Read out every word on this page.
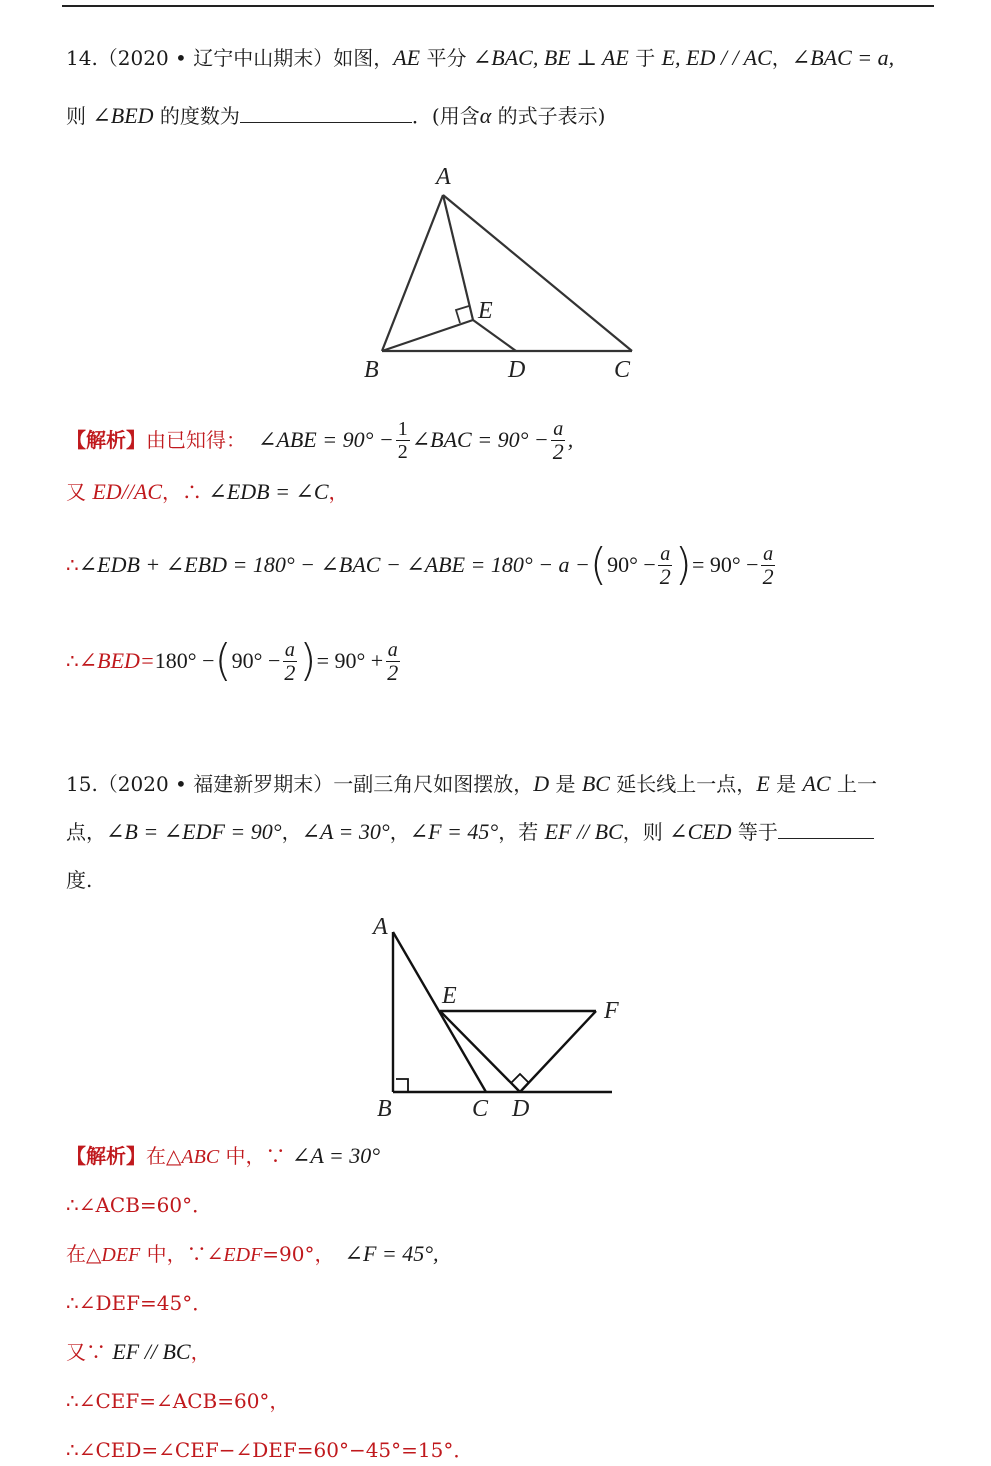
14.（2020 • 辽宁中山期末）如图，AE 平分 ∠BAC, BE ⊥ AE 于 E, ED / / AC，∠BAC = a,
则 ∠BED 的度数为	．(用含α 的式子表示)
A
E
B	D	C
【解析】 由已知得： ∠ABE = $90^\circ - \frac{1}{2}$ ∠BAC = $90^\circ - \frac{a}{2}$ ,
又 ED//AC，∴ ∠EDB = ∠C，
∴ ∠EDB + ∠EBD = 180° − ∠BAC − ∠ABE = 180° − a − ( $90^\circ - \frac{a}{2}$ ) = $90^\circ - \frac{a}{2}$
∴ ∠BED= 180° − ( $90^\circ - \frac{a}{2}$ ) = $90^\circ + \frac{a}{2}$
15.（2020 • 福建新罗期末）一副三角尺如图摆放，D 是 BC 延长线上一点，E 是 AC 上一
点，∠B = ∠EDF = 90°，∠A = 30°，∠F = 45°，若 EF // BC，则 ∠CED 等于
度.
A
E
F
B	C D
【解析】在△ABC 中，∵ ∠A = 30°
∴∠ACB=60°．
在△DEF 中，∵∠EDF=90°， ∠F = 45°,
∴∠DEF=45°．
又∵ EF // BC，
∴∠CEF=∠ACB=60°，
∴∠CED=∠CEF−∠DEF=60°−45°=15°．
